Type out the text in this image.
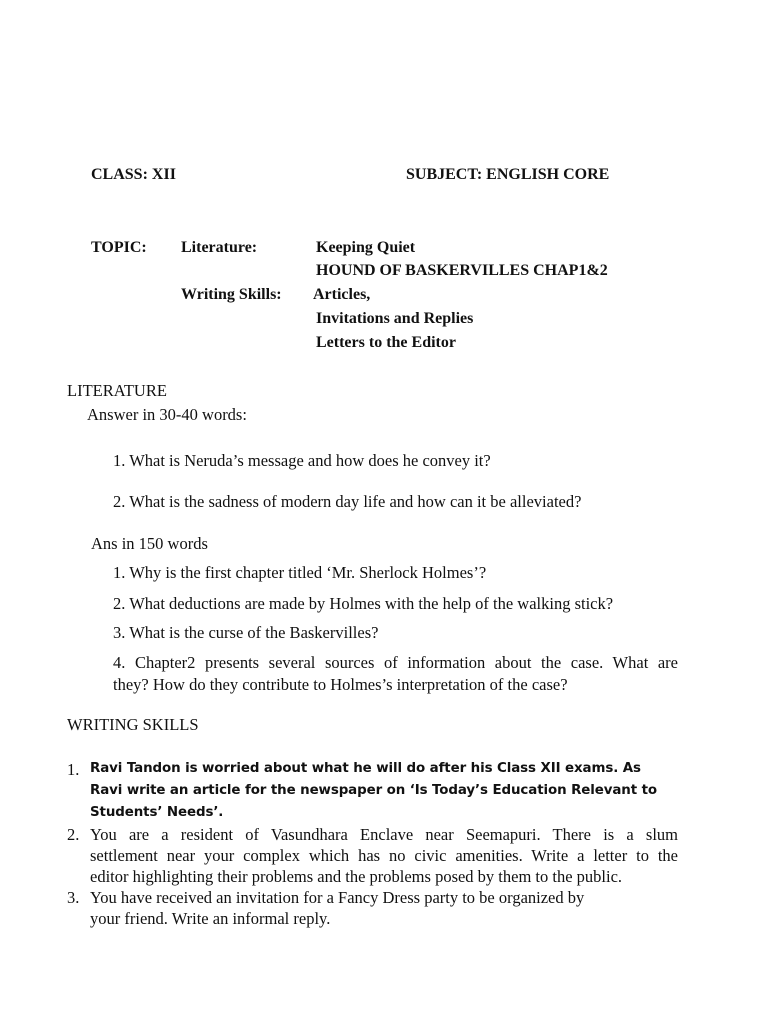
CLASS: XII	SUBJECT: ENGLISH CORE
TOPIC: Literature:	Keeping Quiet
HOUND OF BASKERVILLES CHAP1&2
Writing Skills: Articles,
Invitations and Replies
Letters to the Editor
LITERATURE
Answer in 30-40 words:
1. What is Neruda’s message and how does he convey it?
2. What is the sadness of modern day life and how can it be alleviated?
Ans in 150 words
1. Why is the first chapter titled ‘Mr. Sherlock Holmes’?
2. What deductions are made by Holmes with the help of the walking stick?
3. What is the curse of the Baskervilles?
4. Chapter2 presents several sources of information about the case. What are
they? How do they contribute to Holmes’s interpretation of the case?
WRITING SKILLS
1. Ravi Tandon is worried about what he will do after his Class XII exams. As
Ravi write an article for the newspaper on ‘Is Today’s Education Relevant to
Students’ Needs’.
2. You are a resident of Vasundhara Enclave near Seemapuri. There is a slum
settlement near your complex which has no civic amenities. Write a letter to the
editor highlighting their problems and the problems posed by them to the public.
3. You have received an invitation for a Fancy Dress party to be organized by
your friend. Write an informal reply.
